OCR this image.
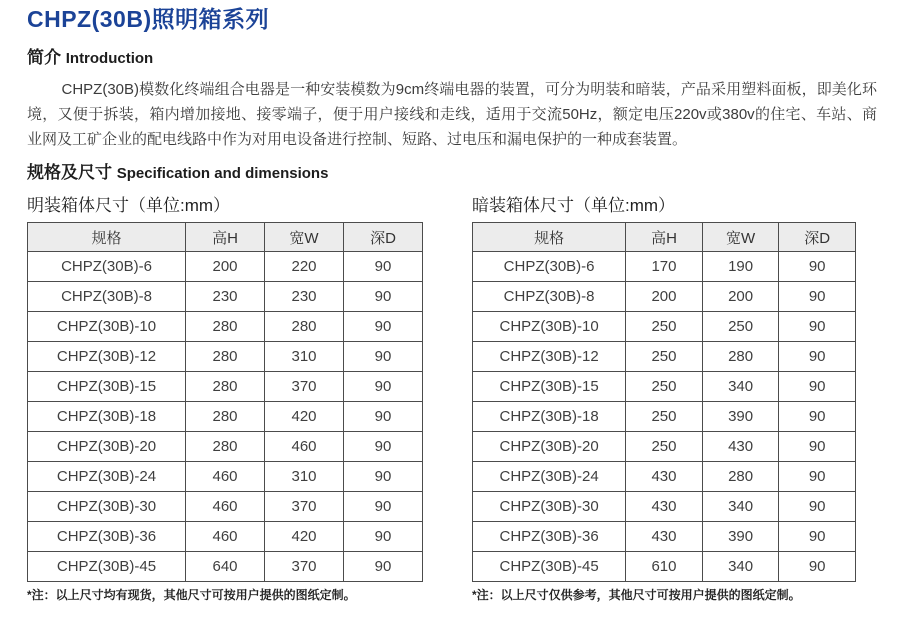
CHPZ(30B)照明箱系列
简介 Introduction

CHPZ(30B)模数化终端组合电器是一种安装模数为9cm终端电器的装置，可分为明装和暗装，产品采用塑料面板，即美化环境，又便于拆装，箱内增加接地、接零端子，便于用户接线和走线，适用于交流50Hz，额定电压220v或380v的住宅、车站、商业网及工矿企业的配电线路中作为对用电设备进行控制、短路、过电压和漏电保护的一种成套装置。

规格及尺寸 Specification and dimensions
明装箱体尺寸（单位:mm）
规格	高H	宽W	深D
CHPZ(30B)-6	200	220	90
CHPZ(30B)-8	230	230	90
CHPZ(30B)-10	280	280	90
CHPZ(30B)-12	280	310	90
CHPZ(30B)-15	280	370	90
CHPZ(30B)-18	280	420	90
CHPZ(30B)-20	280	460	90
CHPZ(30B)-24	460	310	90
CHPZ(30B)-30	460	370	90
CHPZ(30B)-36	460	420	90
CHPZ(30B)-45	640	370	90

*注：以上尺寸均有现货，其他尺寸可按用户提供的图纸定制。

暗装箱体尺寸（单位:mm）
规格	高H	宽W	深D
CHPZ(30B)-6	170	190	90
CHPZ(30B)-8	200	200	90
CHPZ(30B)-10	250	250	90
CHPZ(30B)-12	250	280	90
CHPZ(30B)-15	250	340	90
CHPZ(30B)-18	250	390	90
CHPZ(30B)-20	250	430	90
CHPZ(30B)-24	430	280	90
CHPZ(30B)-30	430	340	90
CHPZ(30B)-36	430	390	90
CHPZ(30B)-45	610	340	90

*注：以上尺寸仅供参考，其他尺寸可按用户提供的图纸定制。
